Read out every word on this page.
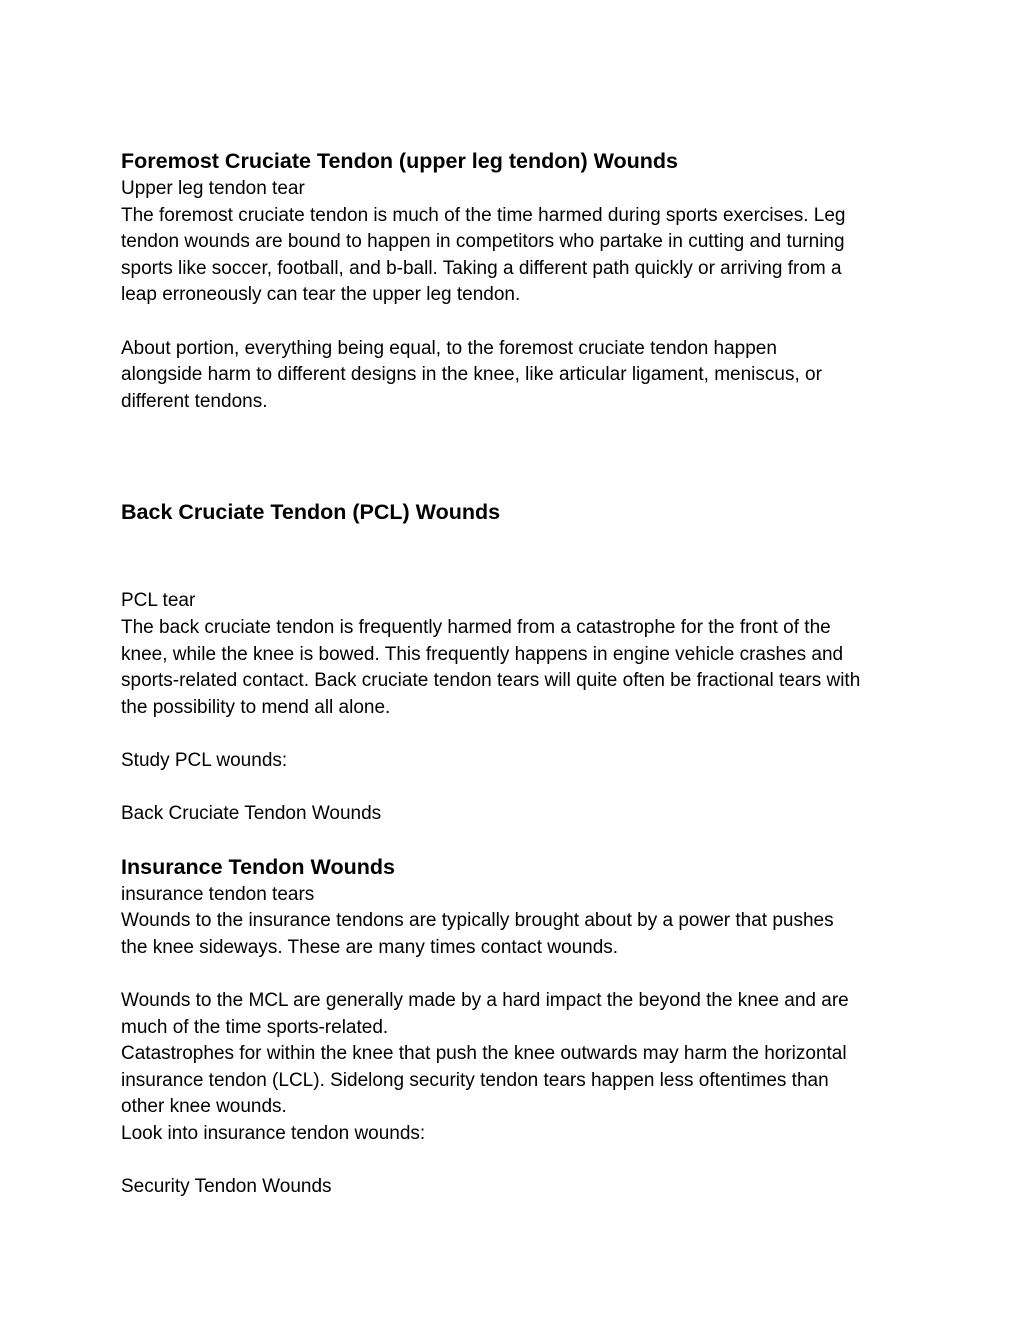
Foremost Cruciate Tendon (upper leg tendon) Wounds

Upper leg tendon tear

The foremost cruciate tendon is much of the time harmed during sports exercises. Leg

tendon wounds are bound to happen in competitors who partake in cutting and turning

sports like soccer, football, and b-ball. Taking a different path quickly or arriving from a

leap erroneously can tear the upper leg tendon.

About portion, everything being equal, to the foremost cruciate tendon happen

alongside harm to different designs in the knee, like articular ligament, meniscus, or

different tendons.

Back Cruciate Tendon (PCL) Wounds

PCL tear

The back cruciate tendon is frequently harmed from a catastrophe for the front of the

knee, while the knee is bowed. This frequently happens in engine vehicle crashes and

sports-related contact. Back cruciate tendon tears will quite often be fractional tears with

the possibility to mend all alone.

Study PCL wounds:

Back Cruciate Tendon Wounds

Insurance Tendon Wounds

insurance tendon tears

Wounds to the insurance tendons are typically brought about by a power that pushes

the knee sideways. These are many times contact wounds.

Wounds to the MCL are generally made by a hard impact the beyond the knee and are

much of the time sports-related.

Catastrophes for within the knee that push the knee outwards may harm the horizontal

insurance tendon (LCL). Sidelong security tendon tears happen less oftentimes than

other knee wounds.

Look into insurance tendon wounds:

Security Tendon Wounds
